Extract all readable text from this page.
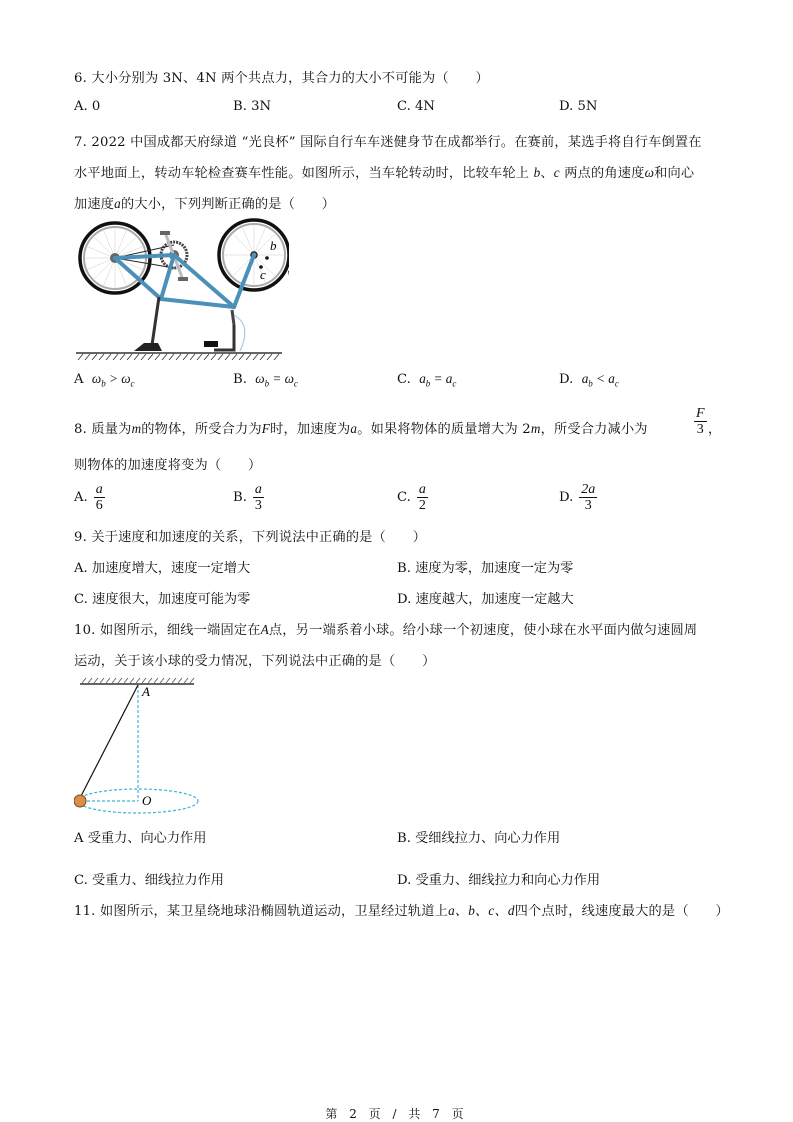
6. 大小分别为 3N、4N 两个共点力，其合力的大小不可能为（　　）
A. 0	B. 3N	C. 4N	D. 5N
7. 2022 中国成都天府绿道 “光良杯” 国际自行车车迷健身节在成都举行。在赛前，某选手将自行车倒置在
水平地面上，转动车轮检查赛车性能。如图所示，当车轮转动时，比较车轮上 b、c 两点的角速度ω和向心
加速度a的大小，下列判断正确的是（　　）
b
c
A $\omega_b > \omega_c$	B. $\omega_b = \omega_c$	C. $a_b = a_c$	D. $a_b < a_c$
8. 质量为m的物体，所受合力为F时，加速度为a。如果将物体的质量增大为 2m，所受合力减小为	$\frac{F}{3}$ ，
则物体的加速度将变为（　　）
A. $\frac{a}{6}$	B. $\frac{a}{3}$	C. $\frac{a}{2}$	D. $\frac{2a}{3}$
9. 关于速度和加速度的关系，下列说法中正确的是（　　）
A. 加速度增大，速度一定增大	B. 速度为零，加速度一定为零
C. 速度很大，加速度可能为零	D. 速度越大，加速度一定越大
10. 如图所示，细线一端固定在A点，另一端系着小球。给小球一个初速度，使小球在水平面内做匀速圆周
运动，关于该小球的受力情况，下列说法中正确的是（　　）
A
O
A 受重力、向心力作用	B. 受细线拉力、向心力作用
C. 受重力、细线拉力作用	D. 受重力、细线拉力和向心力作用
11. 如图所示，某卫星绕地球沿椭圆轨道运动，卫星经过轨道上a、b、c、d四个点时，线速度最大的是（　　）
第 2 页 / 共 7 页
